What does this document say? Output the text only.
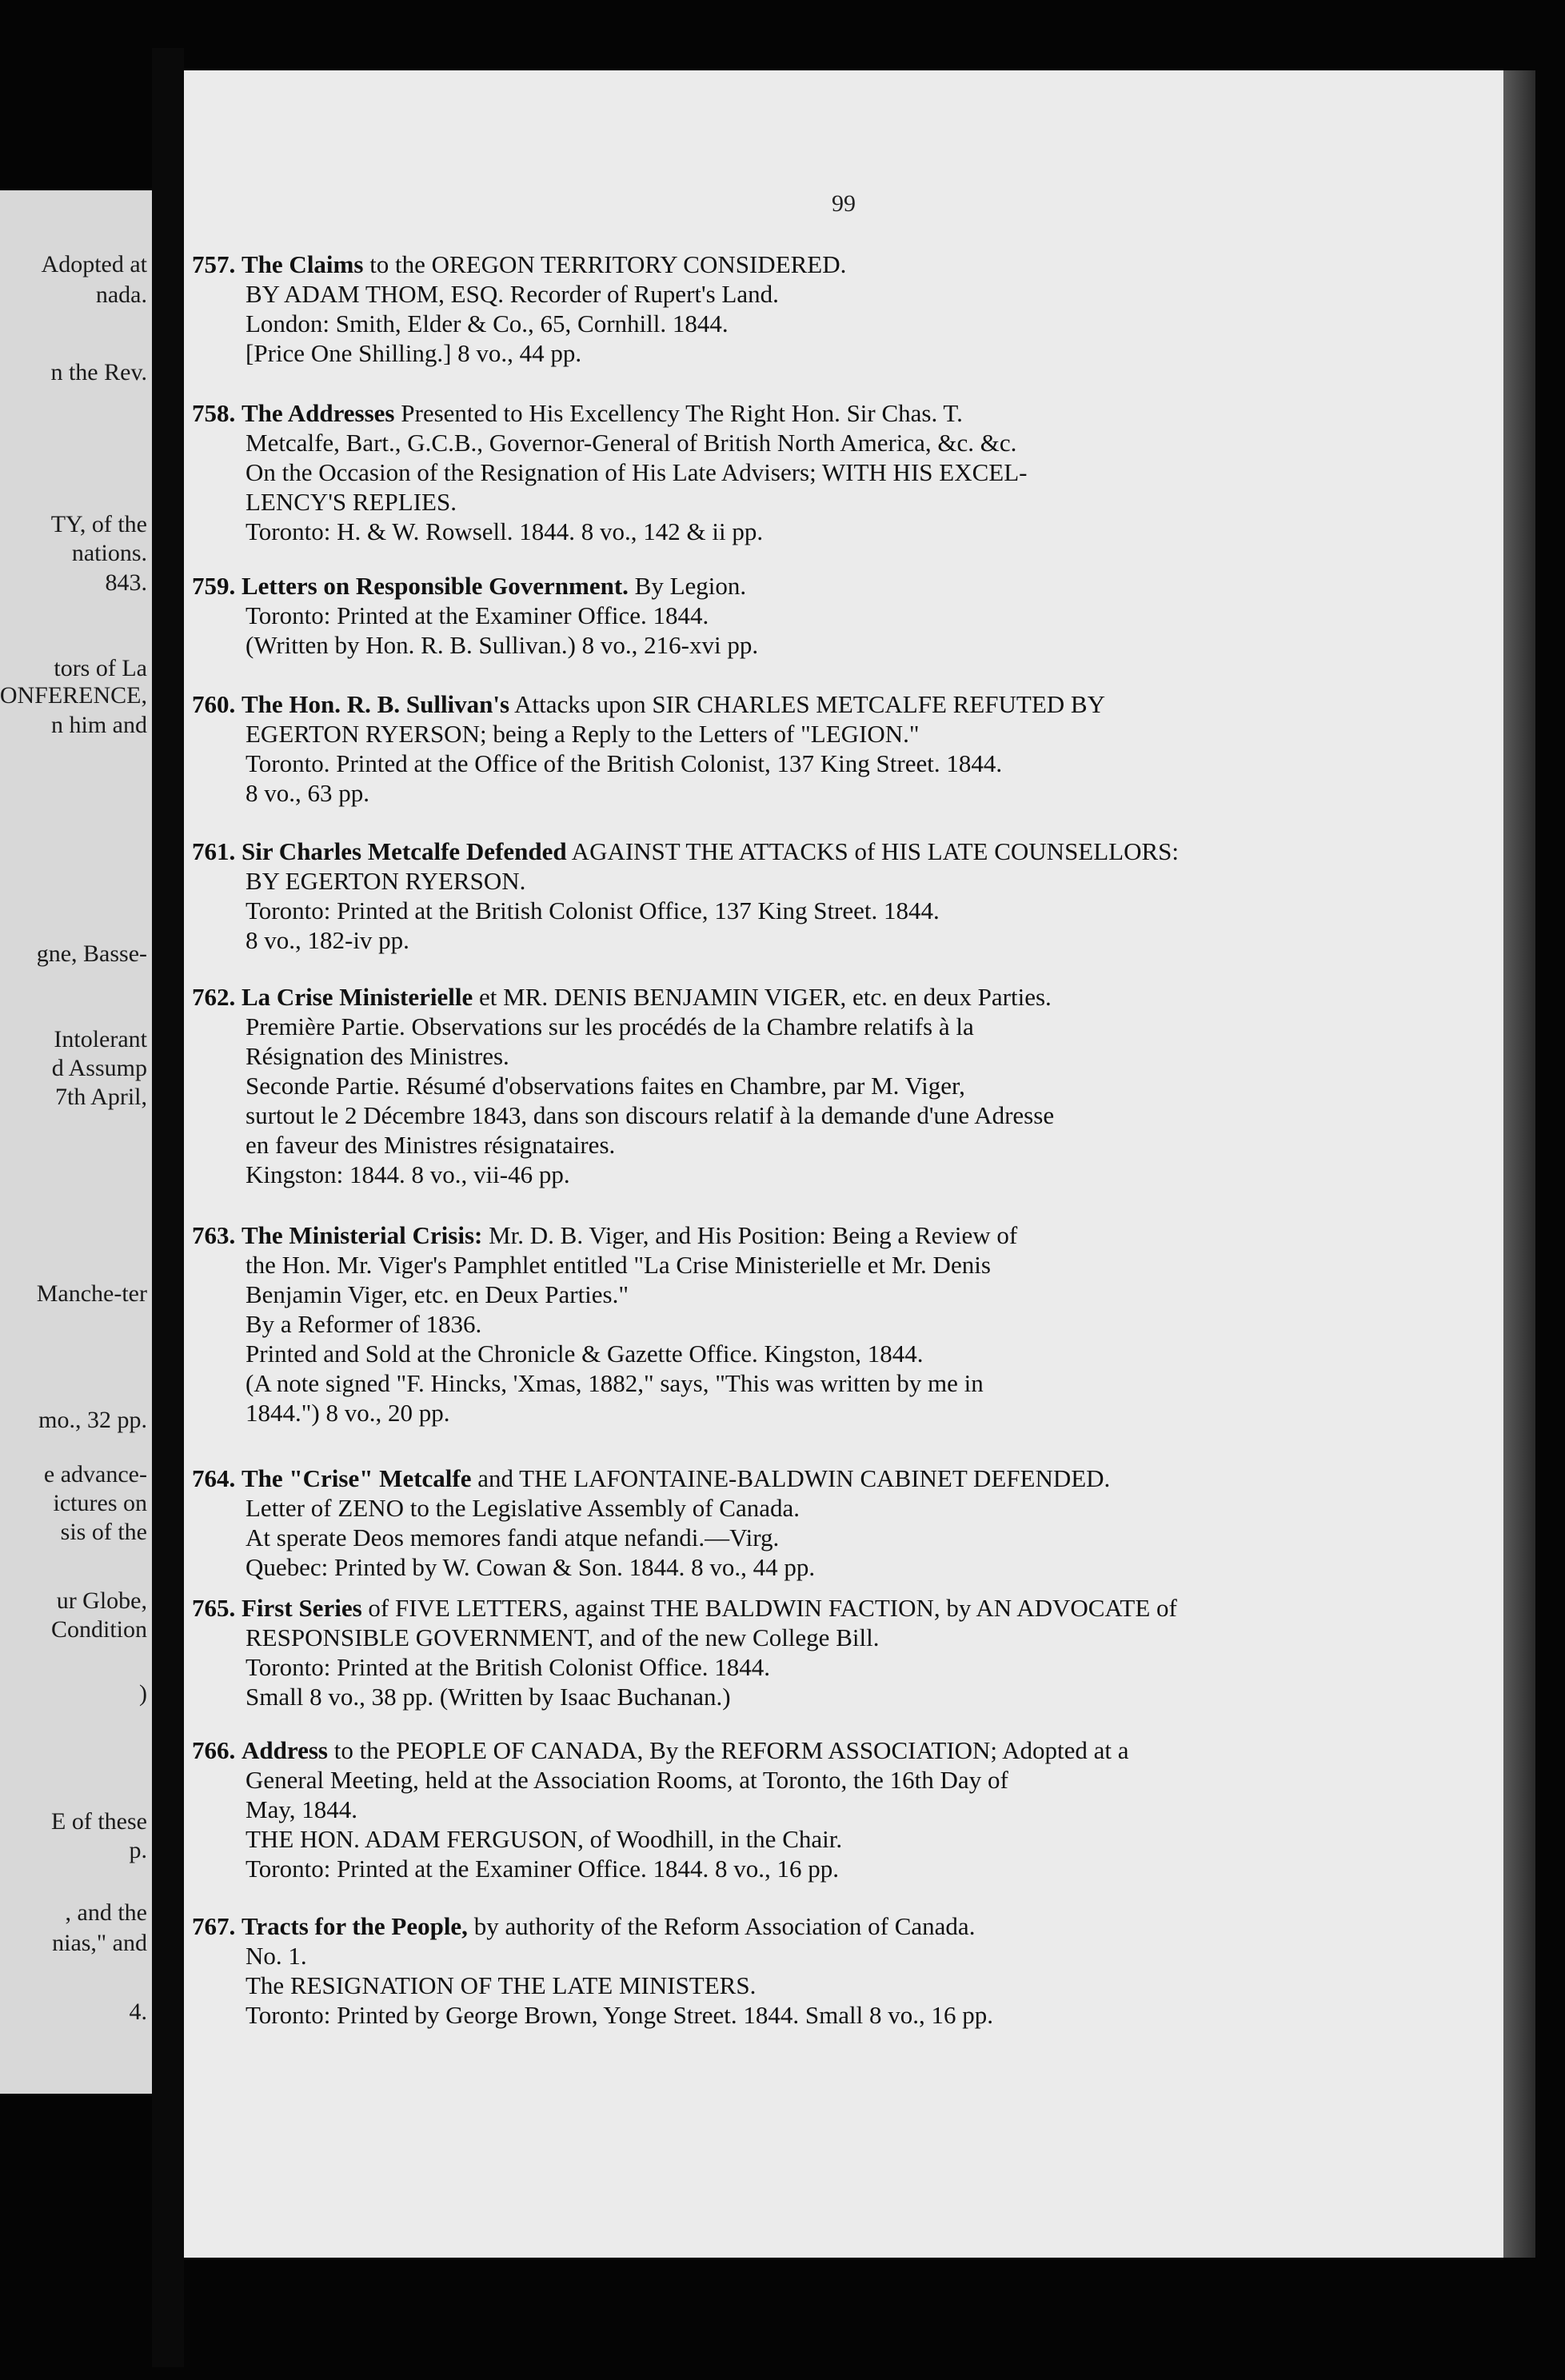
Adopted at
nada.
n the Rev.
TY, of the
nations.
843.
tors of La
ONFERENCE,
n him and
gne, Basse-
Intolerant
d Assump
7th April,
Manche-ter
mo., 32 pp.
e advance-
ictures on
sis of the
ur Globe,
Condition
)
E of these
p.
, and the
nias," and
4.
99
757. The Claims to the OREGON TERRITORY CONSIDERED.
BY ADAM THOM, ESQ. Recorder of Rupert's Land.
London: Smith, Elder & Co., 65, Cornhill. 1844.
[Price One Shilling.] 8 vo., 44 pp.
758. The Addresses Presented to His Excellency The Right Hon. Sir Chas. T.
Metcalfe, Bart., G.C.B., Governor-General of British North America, &c. &c.
On the Occasion of the Resignation of His Late Advisers; WITH HIS EXCEL-
LENCY'S REPLIES.
Toronto: H. & W. Rowsell. 1844. 8 vo., 142 & ii pp.
759. Letters on Responsible Government. By Legion.
Toronto: Printed at the Examiner Office. 1844.
(Written by Hon. R. B. Sullivan.) 8 vo., 216-xvi pp.
760. The Hon. R. B. Sullivan's Attacks upon SIR CHARLES METCALFE REFUTED BY
EGERTON RYERSON; being a Reply to the Letters of "LEGION."
Toronto. Printed at the Office of the British Colonist, 137 King Street. 1844.
8 vo., 63 pp.
761. Sir Charles Metcalfe Defended AGAINST THE ATTACKS of HIS LATE COUNSELLORS:
BY EGERTON RYERSON.
Toronto: Printed at the British Colonist Office, 137 King Street. 1844.
8 vo., 182-iv pp.
762. La Crise Ministerielle et MR. DENIS BENJAMIN VIGER, etc. en deux Parties.
Première Partie. Observations sur les procédés de la Chambre relatifs à la
Résignation des Ministres.
Seconde Partie. Résumé d'observations faites en Chambre, par M. Viger,
surtout le 2 Décembre 1843, dans son discours relatif à la demande d'une Adresse
en faveur des Ministres résignataires.
Kingston: 1844. 8 vo., vii-46 pp.
763. The Ministerial Crisis: Mr. D. B. Viger, and His Position: Being a Review of
the Hon. Mr. Viger's Pamphlet entitled "La Crise Ministerielle et Mr. Denis
Benjamin Viger, etc. en Deux Parties."
By a Reformer of 1836.
Printed and Sold at the Chronicle & Gazette Office. Kingston, 1844.
(A note signed "F. Hincks, 'Xmas, 1882," says, "This was written by me in
1844.") 8 vo., 20 pp.
764. The "Crise" Metcalfe and THE LAFONTAINE-BALDWIN CABINET DEFENDED.
Letter of ZENO to the Legislative Assembly of Canada.
At sperate Deos memores fandi atque nefandi.—Virg.
Quebec: Printed by W. Cowan & Son. 1844. 8 vo., 44 pp.
765. First Series of FIVE LETTERS, against THE BALDWIN FACTION, by AN ADVOCATE of
RESPONSIBLE GOVERNMENT, and of the new College Bill.
Toronto: Printed at the British Colonist Office. 1844.
Small 8 vo., 38 pp. (Written by Isaac Buchanan.)
766. Address to the PEOPLE OF CANADA, By the REFORM ASSOCIATION; Adopted at a
General Meeting, held at the Association Rooms, at Toronto, the 16th Day of
May, 1844.
THE HON. ADAM FERGUSON, of Woodhill, in the Chair.
Toronto: Printed at the Examiner Office. 1844. 8 vo., 16 pp.
767. Tracts for the People, by authority of the Reform Association of Canada.
No. 1.
The RESIGNATION OF THE LATE MINISTERS.
Toronto: Printed by George Brown, Yonge Street. 1844. Small 8 vo., 16 pp.
